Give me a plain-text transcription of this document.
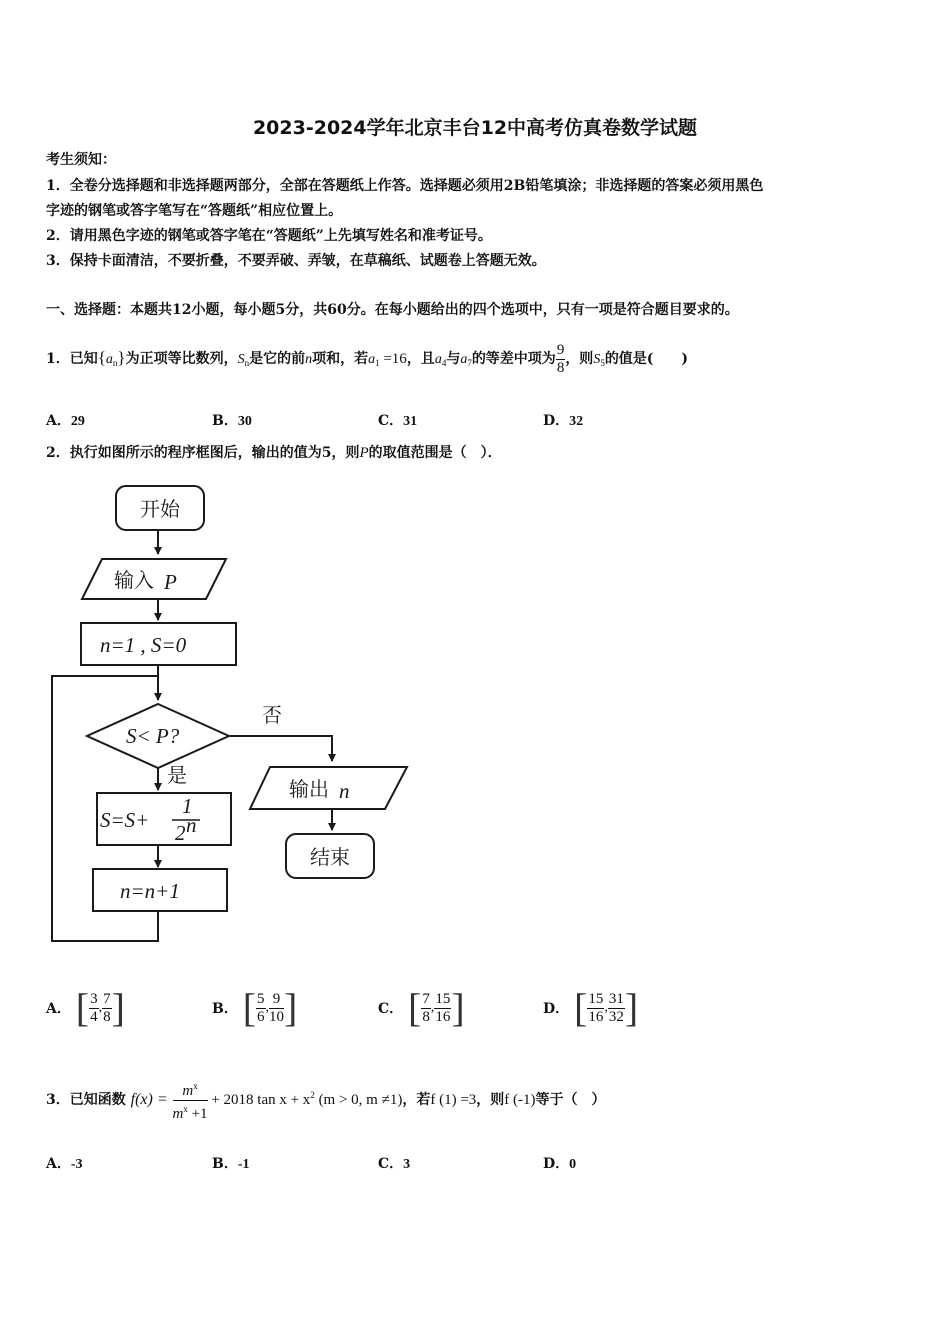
2023-2024学年北京丰台12中高考仿真卷数学试题
考生须知：
1．全卷分选择题和非选择题两部分，全部在答题纸上作答。选择题必须用2B铅笔填涂；非选择题的答案必须用黑色
字迹的钢笔或答字笔写在“答题纸”相应位置上。
2．请用黑色字迹的钢笔或答字笔在“答题纸”上先填写姓名和准考证号。
3．保持卡面清洁，不要折叠，不要弄破、弄皱，在草稿纸、试题卷上答题无效。
一、选择题：本题共12小题，每小题5分，共60分。在每小题给出的四个选项中，只有一项是符合题目要求的。
1．已知$\{a_n\}$为正项等比数列，$S_n$是它的前n项和，若$a_1 =16$，且$a_4$与$a_7$的等差中项为 $\frac{9}{8}$ ，则$S_5$的值是(　　)
A．29	B．30	C．31	D．32
2．执行如图所示的程序框图后，输出的值为5，则P的取值范围是（　）．
开始
输入 P
n=1 , S=0
S< P?
否
是
S=S+
1
2 n
n=n+1
输出 n
结束
A． [ $\frac{3}{4}$ , $\frac{7}{8}$ ]	B． [ $\frac{5}{6}$ , $\frac{9}{10}$ ]	C． [ $\frac{7}{8}$ , $\frac{15}{16}$ ]	D． [ $\frac{15}{16}$ , $\frac{31}{32}$ ]
3．已知函数 $f(x) = \frac{m^x}{m^x +1} + 2018$ $\tan x + x^2$ (m > 0, m ≠1)，若f (1) =3，则f (-1)等于（　）
A．-3	B．-1	C．3	D．0
